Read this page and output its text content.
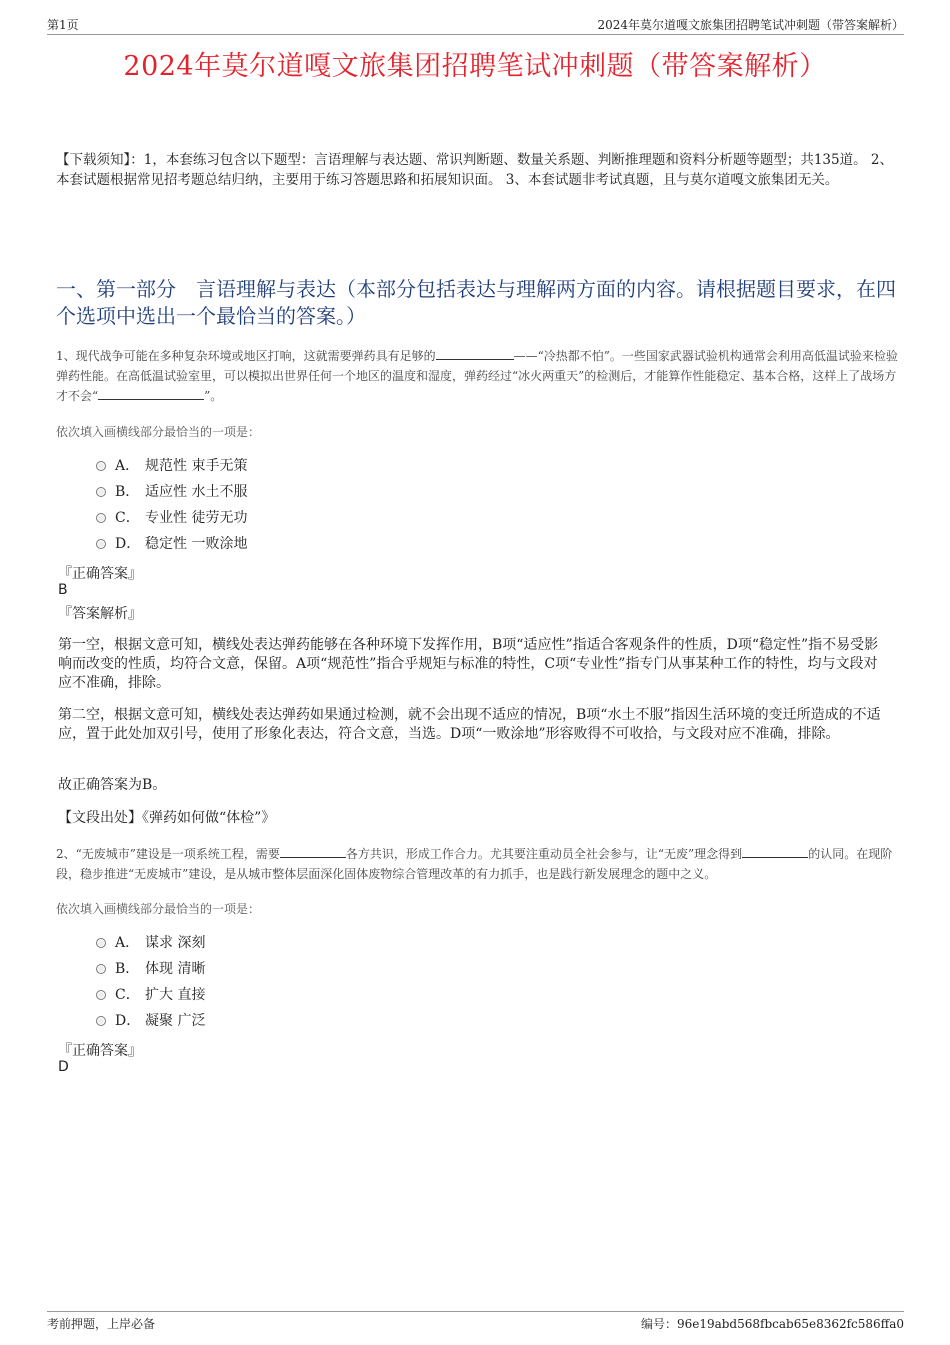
第1页	2024年莫尔道嘎文旅集团招聘笔试冲刺题（带答案解析）
2024年莫尔道嘎文旅集团招聘笔试冲刺题（带答案解析）
【下载须知】：1，本套练习包含以下题型：言语理解与表达题、常识判断题、数量关系题、判断推理题和资料分析题等题型；共135道。 2、本套试题根据常见招考题总结归纳，主要用于练习答题思路和拓展知识面。 3、本套试题非考试真题，且与莫尔道嘎文旅集团无关。
一、第一部分　言语理解与表达（本部分包括表达与理解两方面的内容。请根据题目要求，在四个选项中选出一个最恰当的答案。）
1、现代战争可能在多种复杂环境或地区打响，这就需要弹药具有足够的	——“冷热都不怕”。一些国家武器试验机构通常会利用高低温试验来检验弹药性能。在高低温试验室里，可以模拟出世界任何一个地区的温度和湿度，弹药经过“冰火两重天”的检测后，才能算作性能稳定、基本合格，这样上了战场方才不会“	”。
依次填入画横线部分最恰当的一项是：
A． 规范性 束手无策
B． 适应性 水土不服
C． 专业性 徒劳无功
D． 稳定性 一败涂地
『正确答案』
B
『答案解析』
第一空，根据文意可知，横线处表达弹药能够在各种环境下发挥作用，B项“适应性”指适合客观条件的性质，D项“稳定性”指不易受影响而改变的性质，均符合文意，保留。A项“规范性”指合乎规矩与标准的特性，C项“专业性”指专门从事某种工作的特性，均与文段对应不准确，排除。
第二空，根据文意可知，横线处表达弹药如果通过检测，就不会出现不适应的情况，B项“水土不服”指因生活环境的变迁所造成的不适应，置于此处加双引号，使用了形象化表达，符合文意，当选。D项“一败涂地”形容败得不可收拾，与文段对应不准确，排除。
故正确答案为B。
【文段出处】《弹药如何做“体检”》
2、“无废城市”建设是一项系统工程，需要	各方共识，形成工作合力。尤其要注重动员全社会参与，让“无废”理念得到	的认同。在现阶段，稳步推进“无废城市”建设，是从城市整体层面深化固体废物综合管理改革的有力抓手，也是践行新发展理念的题中之义。
依次填入画横线部分最恰当的一项是：
A． 谋求 深刻
B． 体现 清晰
C． 扩大 直接
D． 凝聚 广泛
『正确答案』
D
考前押题，上岸必备	编号：96e19abd568fbcab65e8362fc586ffa0
